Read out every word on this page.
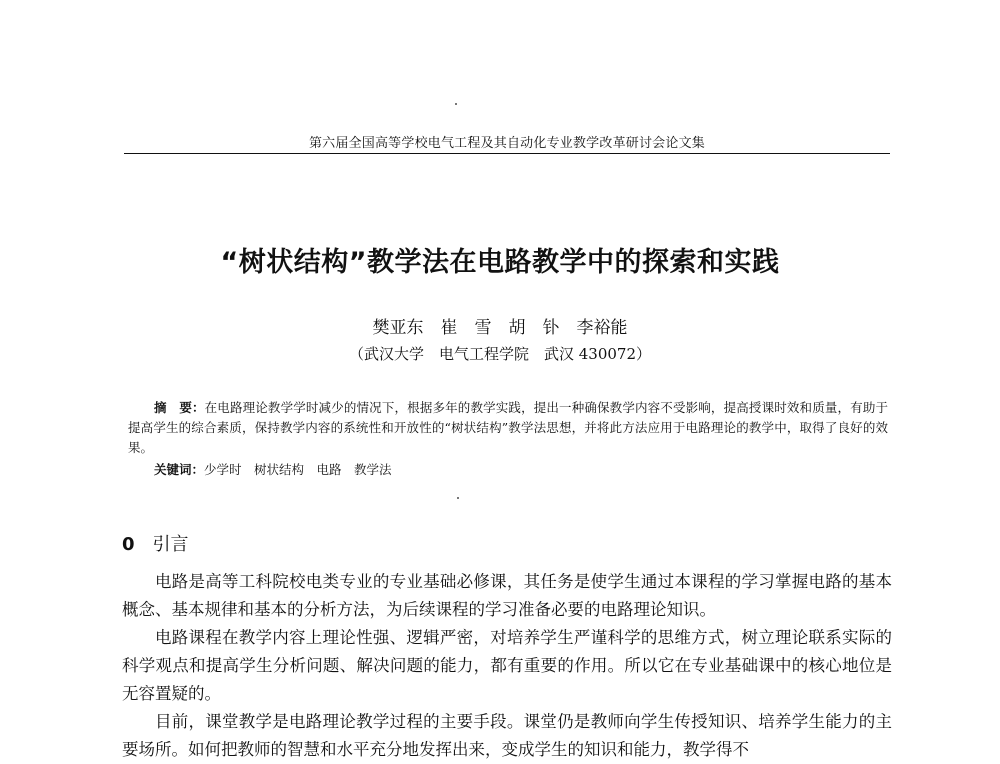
第六届全国高等学校电气工程及其自动化专业教学改革研讨会论文集
“树状结构”教学法在电路教学中的探索和实践
樊亚东　崔　雪　胡　钋　李裕能
（武汉大学　电气工程学院　武汉 430072）
摘　要：在电路理论教学学时减少的情况下，根据多年的教学实践，提出一种确保教学内容不受影响，提高授课时效和质量，有助于提高学生的综合素质，保持教学内容的系统性和开放性的“树状结构”教学法思想，并将此方法应用于电路理论的教学中，取得了良好的效果。
关键词：少学时　树状结构　电路　教学法
0 引言

电路是高等工科院校电类专业的专业基础必修课，其任务是使学生通过本课程的学习掌握电路的基本概念、基本规律和基本的分析方法，为后续课程的学习准备必要的电路理论知识。

电路课程在教学内容上理论性强、逻辑严密，对培养学生严谨科学的思维方式，树立理论联系实际的科学观点和提高学生分析问题、解决问题的能力，都有重要的作用。所以它在专业基础课中的核心地位是无容置疑的。

目前，课堂教学是电路理论教学过程的主要手段。课堂仍是教师向学生传授知识、培养学生能力的主要场所。如何把教师的智慧和水平充分地发挥出来，变成学生的知识和能力，教学得不
